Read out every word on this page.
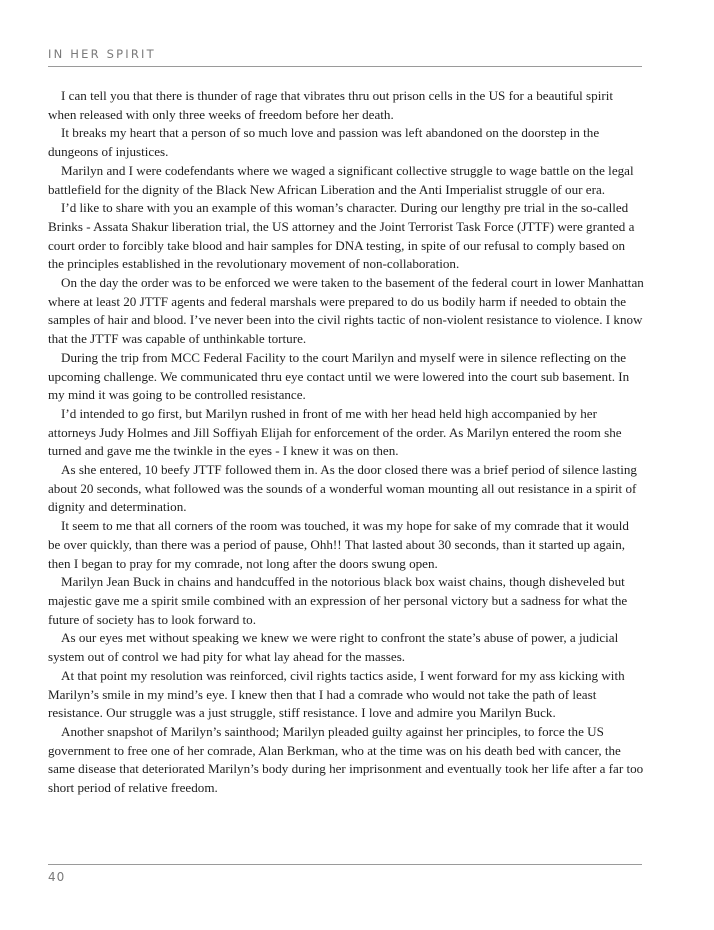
IN HER SPIRIT

I can tell you that there is thunder of rage that vibrates thru out prison cells in the US for a beautiful spirit when released with only three weeks of freedom before her death.

It breaks my heart that a person of so much love and passion was left abandoned on the doorstep in the dungeons of injustices.

Marilyn and I were codefendants where we waged a significant collective struggle to wage battle on the legal battlefield for the dignity of the Black New African Liberation and the Anti Imperialist struggle of our era.

I’d like to share with you an example of this woman’s character. During our lengthy pre trial in the so-called Brinks - Assata Shakur liberation trial, the US attorney and the Joint Terrorist Task Force (JTTF) were granted a court order to forcibly take blood and hair samples for DNA testing, in spite of our refusal to comply based on the principles established in the revolutionary movement of non-collaboration.

On the day the order was to be enforced we were taken to the basement of the federal court in lower Manhattan where at least 20 JTTF agents and federal marshals were prepared to do us bodily harm if needed to obtain the samples of hair and blood. I’ve never been into the civil rights tactic of non-violent resistance to violence. I know that the JTTF was capable of unthinkable torture.

During the trip from MCC Federal Facility to the court Marilyn and myself were in silence reflecting on the upcoming challenge. We communicated thru eye contact until we were lowered into the court sub basement. In my mind it was going to be controlled resistance.

I’d intended to go first, but Marilyn rushed in front of me with her head held high accompanied by her attorneys Judy Holmes and Jill Soffiyah Elijah for enforcement of the order. As Marilyn entered the room she turned and gave me the twinkle in the eyes - I knew it was on then.

As she entered, 10 beefy JTTF followed them in. As the door closed there was a brief period of silence lasting about 20 seconds, what followed was the sounds of a wonderful woman mounting all out resistance in a spirit of dignity and determination.

It seem to me that all corners of the room was touched, it was my hope for sake of my comrade that it would be over quickly, than there was a period of pause, Ohh!! That lasted about 30 seconds, than it started up again, then I began to pray for my comrade, not long after the doors swung open.

Marilyn Jean Buck in chains and handcuffed in the notorious black box waist chains, though disheveled but majestic gave me a spirit smile combined with an expression of her personal victory but a sadness for what the future of society has to look forward to.

As our eyes met without speaking we knew we were right to confront the state’s abuse of power, a judicial system out of control we had pity for what lay ahead for the masses.

At that point my resolution was reinforced, civil rights tactics aside, I went forward for my ass kicking with Marilyn’s smile in my mind’s eye. I knew then that I had a comrade who would not take the path of least resistance. Our struggle was a just struggle, stiff resistance. I love and admire you Marilyn Buck.

Another snapshot of Marilyn’s sainthood; Marilyn pleaded guilty against her principles, to force the US government to free one of her comrade, Alan Berkman, who at the time was on his death bed with cancer, the same disease that deteriorated Marilyn’s body during her imprisonment and eventually took her life after a far too short period of relative freedom.

40
